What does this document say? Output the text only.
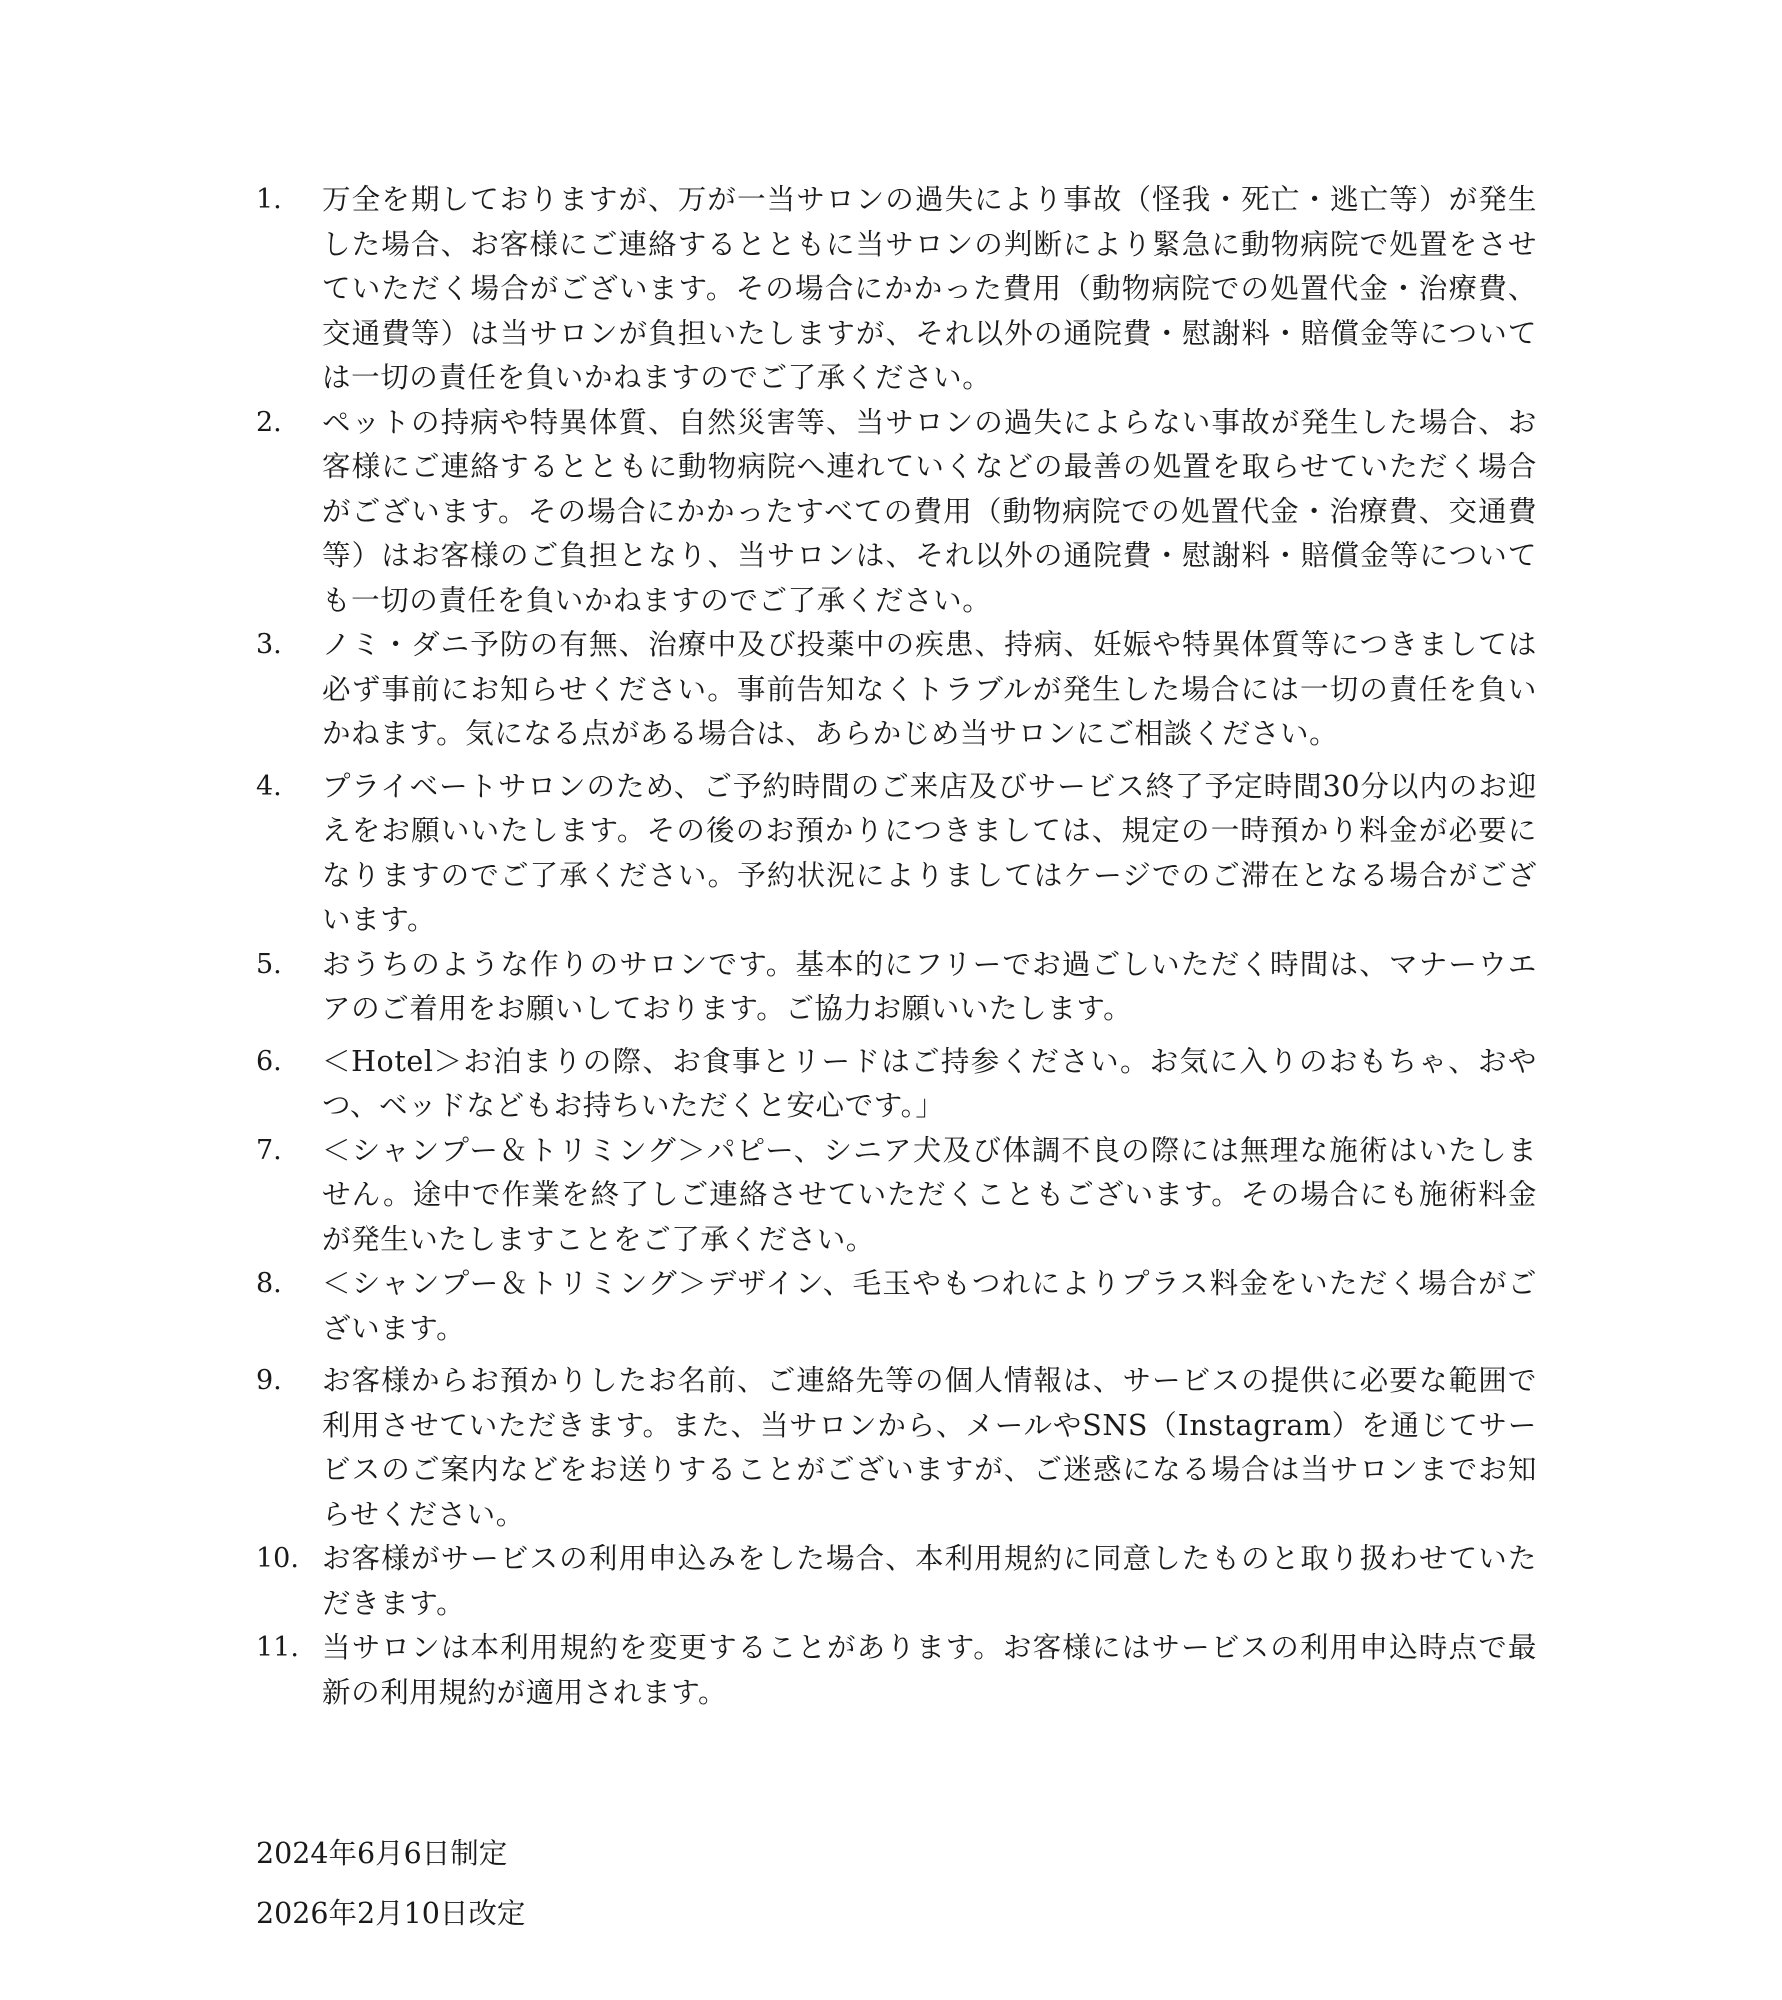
1.	万全を期しておりますが、万が一当サロンの過失により事故（怪我・死亡・逃亡等）が発生した場合、お客様にご連絡するとともに当サロンの判断により緊急に動物病院で処置をさせていただく場合がございます。その場合にかかった費用（動物病院での処置代金・治療費、交通費等）は当サロンが負担いたしますが、それ以外の通院費・慰謝料・賠償金等については一切の責任を負いかねますのでご了承ください。
2.	ペットの持病や特異体質、自然災害等、当サロンの過失によらない事故が発生した場合、お客様にご連絡するとともに動物病院へ連れていくなどの最善の処置を取らせていただく場合がございます。その場合にかかったすべての費用（動物病院での処置代金・治療費、交通費等）はお客様のご負担となり、当サロンは、それ以外の通院費・慰謝料・賠償金等についても一切の責任を負いかねますのでご了承ください。
3.	ノミ・ダニ予防の有無、治療中及び投薬中の疾患、持病、妊娠や特異体質等につきましては必ず事前にお知らせください。事前告知なくトラブルが発生した場合には一切の責任を負いかねます。気になる点がある場合は、あらかじめ当サロンにご相談ください。
4.	プライベートサロンのため、ご予約時間のご来店及びサービス終了予定時間30分以内のお迎えをお願いいたします。その後のお預かりにつきましては、規定の一時預かり料金が必要になりますのでご了承ください。予約状況によりましてはケージでのご滞在となる場合がございます。
5.	おうちのような作りのサロンです。基本的にフリーでお過ごしいただく時間は、マナーウエアのご着用をお願いしております。ご協力お願いいたします。
6.	＜Hotel＞お泊まりの際、お食事とリードはご持参ください。お気に入りのおもちゃ、おやつ、ベッドなどもお持ちいただくと安心です。」
7.	＜シャンプー＆トリミング＞パピー、シニア犬及び体調不良の際には無理な施術はいたしません。途中で作業を終了しご連絡させていただくこともございます。その場合にも施術料金が発生いたしますことをご了承ください。
8.	＜シャンプー＆トリミング＞デザイン、毛玉やもつれによりプラス料金をいただく場合がございます。
9.	お客様からお預かりしたお名前、ご連絡先等の個人情報は、サービスの提供に必要な範囲で利用させていただきます。また、当サロンから、メールやSNS（Instagram）を通じてサービスのご案内などをお送りすることがございますが、ご迷惑になる場合は当サロンまでお知らせください。
10. お客様がサービスの利用申込みをした場合、本利用規約に同意したものと取り扱わせていただきます。
11. 当サロンは本利用規約を変更することがあります。お客様にはサービスの利用申込時点で最新の利用規約が適用されます。
2024年6月6日制定
2026年2月10日改定
